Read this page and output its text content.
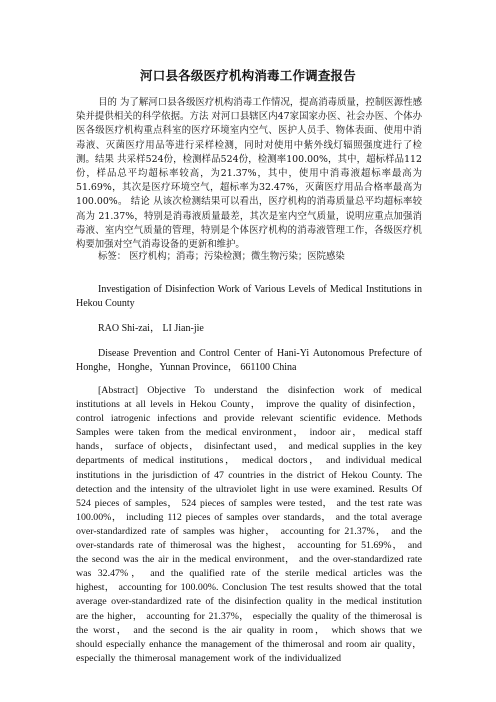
河口县各级医疗机构消毒工作调查报告
目的 为了解河口县各级医疗机构消毒工作情况，提高消毒质量，控制医源性感染并提供相关的科学依据。方法 对河口县辖区内47家国家办医、社会办医、个体办医各级医疗机构重点科室的医疗环境室内空气、医护人员手、物体表面、使用中消毒液、灭菌医疗用品等进行采样检测，同时对使用中紫外线灯辐照强度进行了检测。结果 共采样524份，检测样品524份，检测率100.00%，其中，超标样品112份，样品总平均超标率较高，为21.37%，其中，使用中消毒液超标率最高为51.69%，其次是医疗环境空气，超标率为32.47%，灭菌医疗用品合格率最高为100.00%。 结论 从该次检测结果可以看出，医疗机构的消毒质量总平均超标率较高为 21.37%，特别是消毒液质量最差，其次是室内空气质量，说明应重点加强消毒液、室内空气质量的管理，特别是个体医疗机构的消毒液管理工作，各级医疗机构要加强对空气消毒设备的更新和维护。
标签： 医疗机构；消毒；污染检测；微生物污染；医院感染
Investigation of Disinfection Work of Various Levels of Medical Institutions in Hekou County
RAO Shi-zai， LI Jian-jie
Disease Prevention and Control Center of Hani-Yi Autonomous Prefecture of Honghe，Honghe，Yunnan Province， 661100 China
[Abstract] Objective To understand the disinfection work of medical institutions at all levels in Hekou County， improve the quality of disinfection， control iatrogenic infections and provide relevant scientific evidence. Methods Samples were taken from the medical environment， indoor air， medical staff hands， surface of objects， disinfectant used， and medical supplies in the key departments of medical institutions， medical doctors， and individual medical institutions in the jurisdiction of 47 countries in the district of Hekou County. The detection and the intensity of the ultraviolet light in use were examined. Results Of 524 pieces of samples， 524 pieces of samples were tested， and the test rate was 100.00%， including 112 pieces of samples over standards， and the total average over-standardized rate of samples was higher， accounting for 21.37%， and the over-standards rate of thimerosal was the highest， accounting for 51.69%， and the second was the air in the medical environment， and the over-standardized rate was 32.47%， and the qualified rate of the sterile medical articles was the highest， accounting for 100.00%. Conclusion The test results showed that the total average over-standardized rate of the disinfection quality in the medical institution are the higher， accounting for 21.37%， especially the quality of the thimerosal is the worst， and the second is the air quality in room， which shows that we should especially enhance the management of the thimerosal and room air quality， especially the thimerosal management work of the individualized
